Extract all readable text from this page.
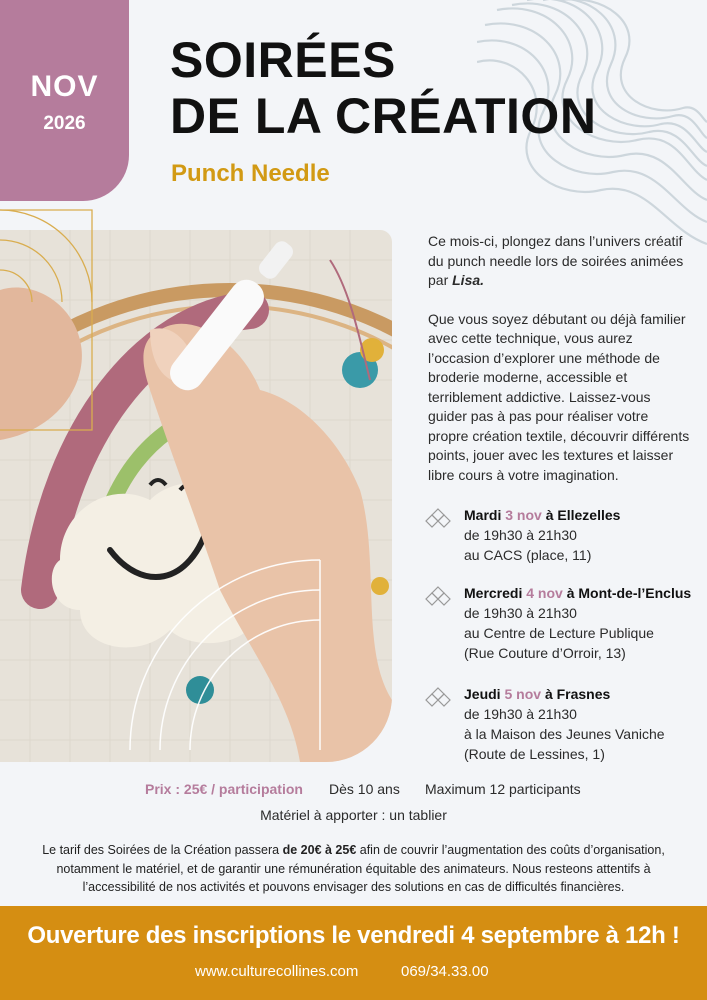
NOV
2026
SOIRÉES
DE LA CRÉATION
Punch Needle

Ce mois-ci, plongez dans l’univers créatif du punch needle lors de soirées animées par Lisa.

Que vous soyez débutant ou déjà familier avec cette technique, vous aurez l’occasion d’explorer une méthode de broderie moderne, accessible et terriblement addictive. Laissez-vous guider pas à pas pour réaliser votre propre création textile, découvrir différents points, jouer avec les textures et laisser libre cours à votre imagination.

Mardi 3 nov à Ellezelles
de 19h30 à 21h30
au CACS (place, 11)
Mercredi 4 nov à Mont-de-l’Enclus
de 19h30 à 21h30
au Centre de Lecture Publique
(Rue Couture d’Orroir, 13)
Jeudi 5 nov à Frasnes
de 19h30 à 21h30
à la Maison des Jeunes Vaniche
(Route de Lessines, 1)
Prix : 25€ / participation Dès 10 ans Maximum 12 participants
Matériel à apporter : un tablier
Le tarif des Soirées de la Création passera de 20€ à 25€ afin de couvrir l’augmentation des coûts d’organisation, notamment le matériel, et de garantir une rémunération équitable des animateurs. Nous resteons attentifs à l’accessibilité de nos activités et pouvons envisager des solutions en cas de difficultés financières.
Ouverture des inscriptions le vendredi 4 septembre à 12h !
www.culturecollines.com	069/34.33.00
